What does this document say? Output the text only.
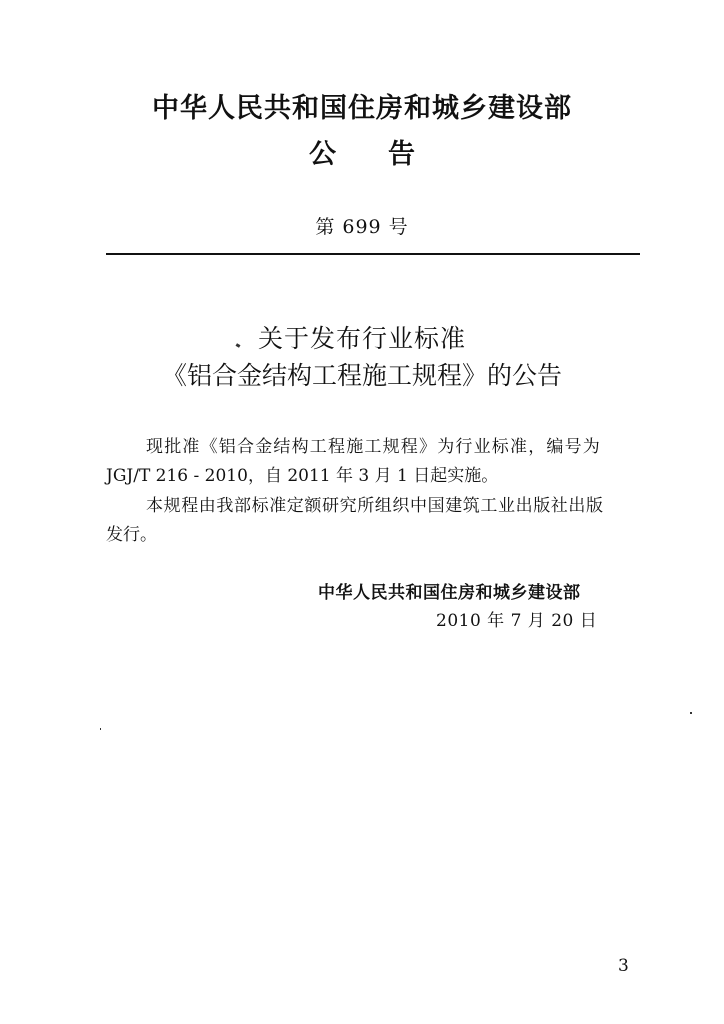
中华人民共和国住房和城乡建设部
公告
第 699 号
关于发布行业标准
《铝合金结构工程施工规程》的公告
现批准《铝合金结构工程施工规程》为行业标准，编号为
JGJ/T 216 - 2010，自 2011 年 3 月 1 日起实施。
本规程由我部标准定额研究所组织中国建筑工业出版社出版
发行。
中华人民共和国住房和城乡建设部
2010 年 7 月 20 日
3
